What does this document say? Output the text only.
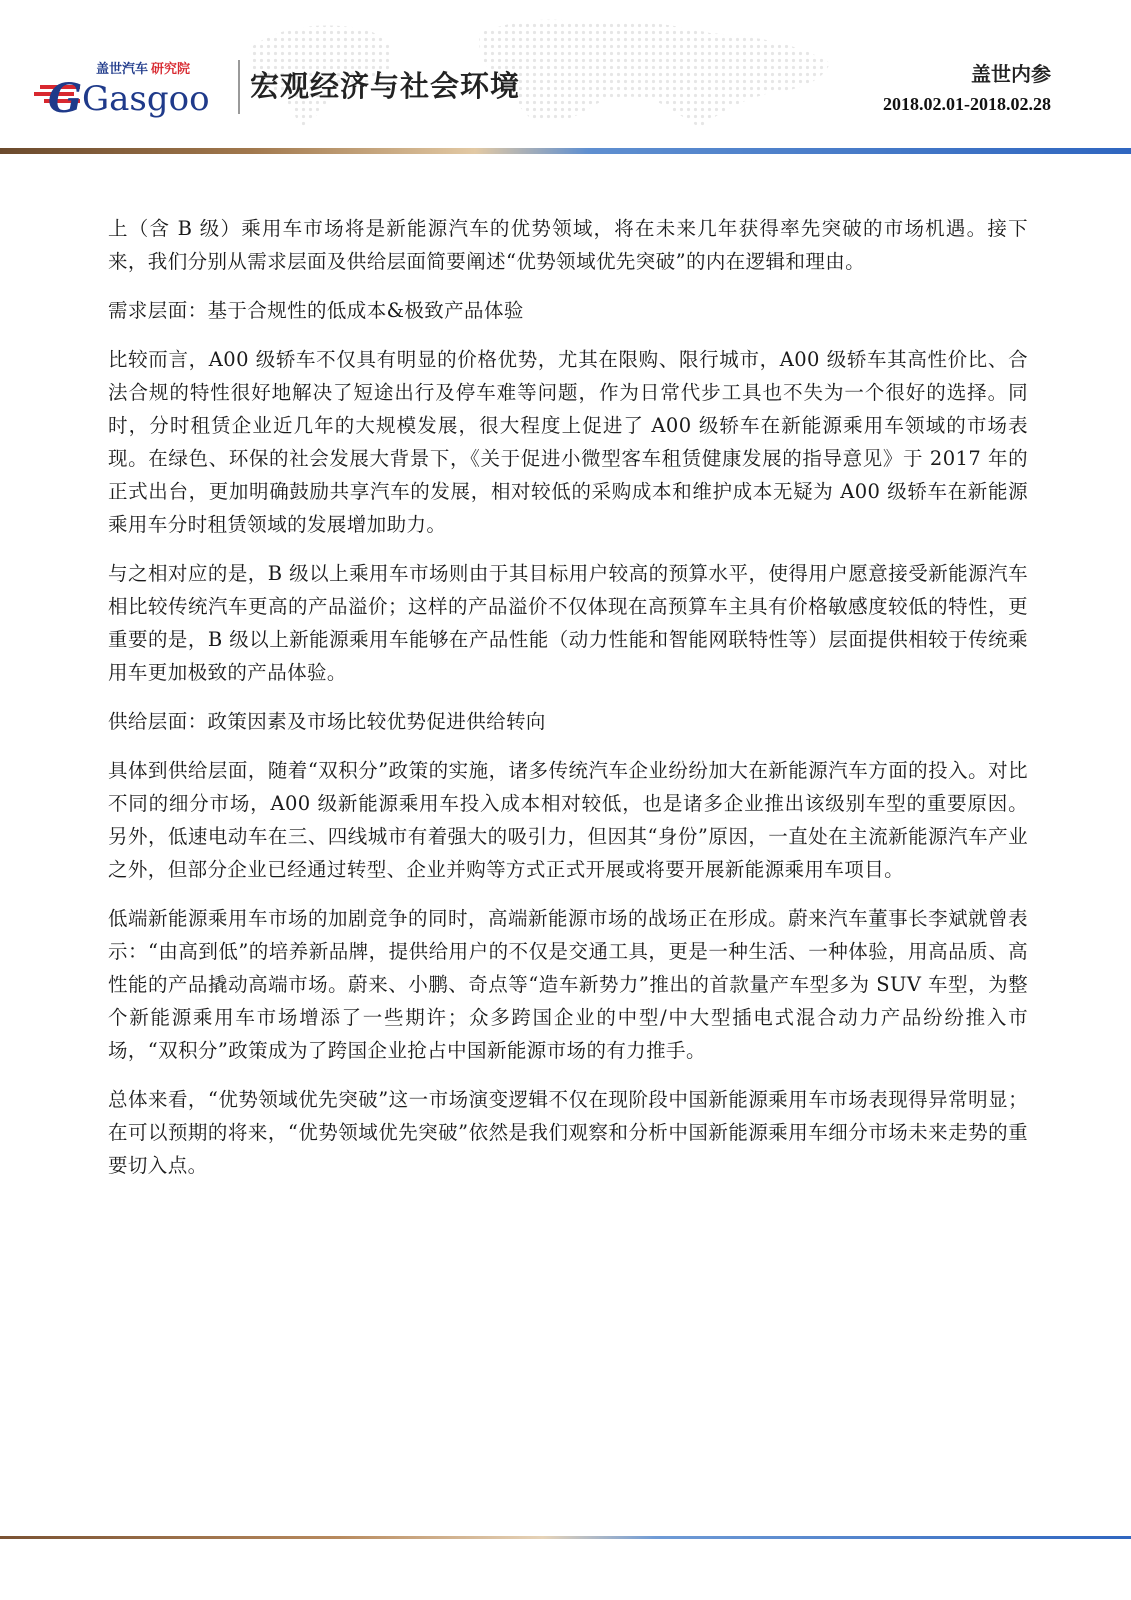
G Gasgoo
盖世汽车 研究院 宏观经济与社会环境	盖世内参
2018.02.01-2018.02.28

上（含 B 级）乘用车市场将是新能源汽车的优势领域，将在未来几年获得率先突破的市场机遇。接下来，我们分别从需求层面及供给层面简要阐述“优势领域优先突破”的内在逻辑和理由。

需求层面：基于合规性的低成本&极致产品体验

比较而言，A00 级轿车不仅具有明显的价格优势，尤其在限购、限行城市，A00 级轿车其高性价比、合法合规的特性很好地解决了短途出行及停车难等问题，作为日常代步工具也不失为一个很好的选择。同时，分时租赁企业近几年的大规模发展，很大程度上促进了 A00 级轿车在新能源乘用车领域的市场表现。在绿色、环保的社会发展大背景下，《关于促进小微型客车租赁健康发展的指导意见》于 2017 年的正式出台，更加明确鼓励共享汽车的发展，相对较低的采购成本和维护成本无疑为 A00 级轿车在新能源乘用车分时租赁领域的发展增加助力。

与之相对应的是，B 级以上乘用车市场则由于其目标用户较高的预算水平，使得用户愿意接受新能源汽车相比较传统汽车更高的产品溢价；这样的产品溢价不仅体现在高预算车主具有价格敏感度较低的特性，更重要的是，B 级以上新能源乘用车能够在产品性能（动力性能和智能网联特性等）层面提供相较于传统乘用车更加极致的产品体验。

供给层面：政策因素及市场比较优势促进供给转向

具体到供给层面，随着“双积分”政策的实施，诸多传统汽车企业纷纷加大在新能源汽车方面的投入。对比不同的细分市场，A00 级新能源乘用车投入成本相对较低，也是诸多企业推出该级别车型的重要原因。另外，低速电动车在三、四线城市有着强大的吸引力，但因其“身份”原因，一直处在主流新能源汽车产业之外，但部分企业已经通过转型、企业并购等方式正式开展或将要开展新能源乘用车项目。

低端新能源乘用车市场的加剧竞争的同时，高端新能源市场的战场正在形成。蔚来汽车董事长李斌就曾表示：“由高到低”的培养新品牌，提供给用户的不仅是交通工具，更是一种生活、一种体验，用高品质、高性能的产品撬动高端市场。蔚来、小鹏、奇点等“造车新势力”推出的首款量产车型多为 SUV 车型，为整个新能源乘用车市场增添了一些期许；众多跨国企业的中型/中大型插电式混合动力产品纷纷推入市场，“双积分”政策成为了跨国企业抢占中国新能源市场的有力推手。

总体来看，“优势领域优先突破”这一市场演变逻辑不仅在现阶段中国新能源乘用车市场表现得异常明显；在可以预期的将来，“优势领域优先突破”依然是我们观察和分析中国新能源乘用车细分市场未来走势的重要切入点。
